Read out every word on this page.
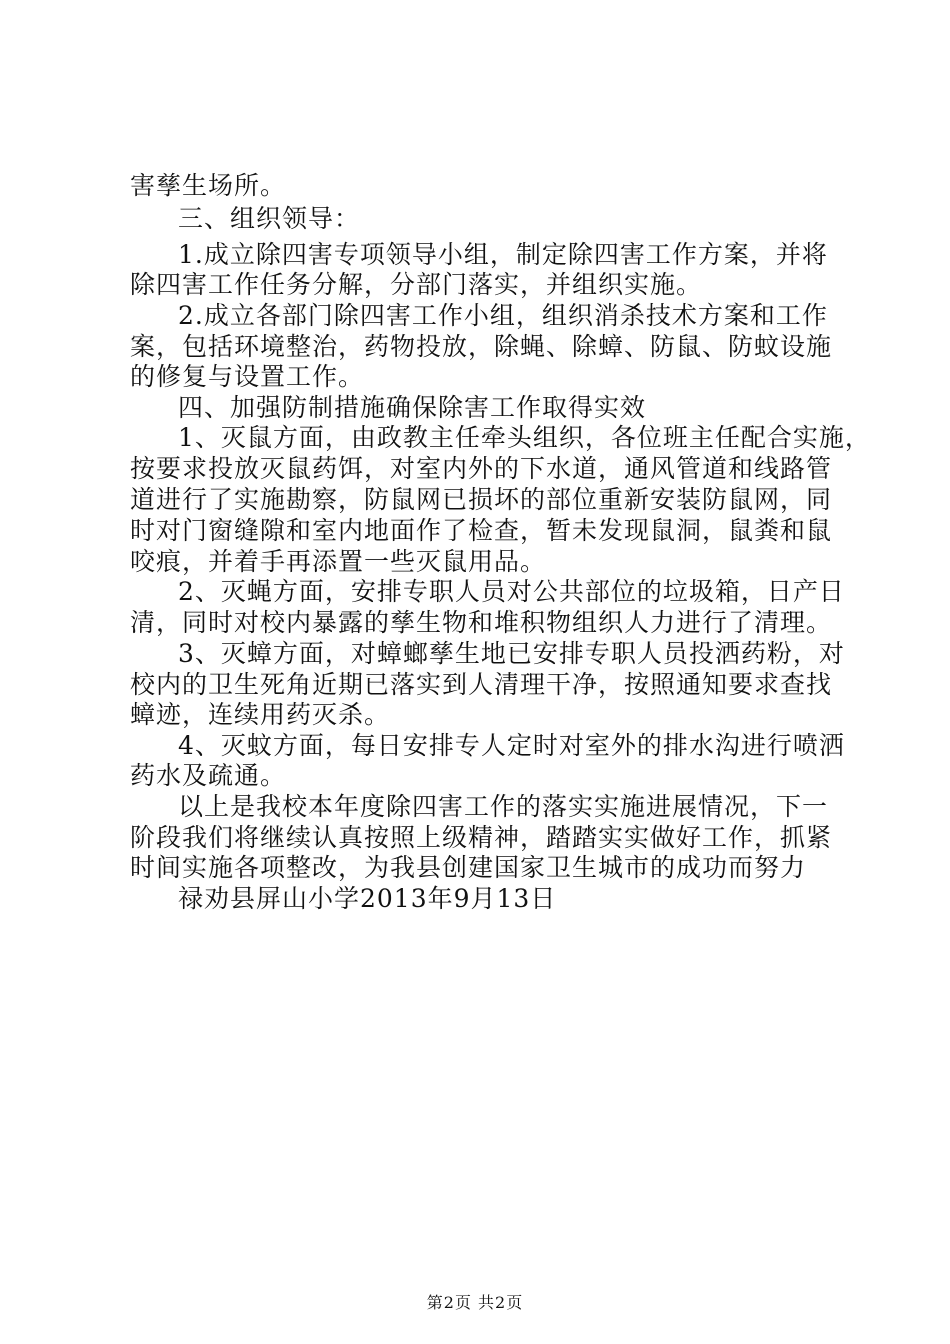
害孳生场所。
三、组织领导：
1.成立除四害专项领导小组，制定除四害工作方案，并将
除四害工作任务分解，分部门落实，并组织实施。
2.成立各部门除四害工作小组，组织消杀技术方案和工作
案，包括环境整治，药物投放，除蝇、除蟑、防鼠、防蚊设施
的修复与设置工作。
四、加强防制措施确保除害工作取得实效
1、灭鼠方面，由政教主任牵头组织，各位班主任配合实施，
按要求投放灭鼠药饵，对室内外的下水道，通风管道和线路管
道进行了实施勘察，防鼠网已损坏的部位重新安装防鼠网，同
时对门窗缝隙和室内地面作了检查，暂未发现鼠洞，鼠粪和鼠
咬痕，并着手再添置一些灭鼠用品。
2、灭蝇方面，安排专职人员对公共部位的垃圾箱，日产日
清，同时对校内暴露的孳生物和堆积物组织人力进行了清理。
3、灭蟑方面，对蟑螂孳生地已安排专职人员投洒药粉，对
校内的卫生死角近期已落实到人清理干净，按照通知要求查找
蟑迹，连续用药灭杀。
4、灭蚊方面，每日安排专人定时对室外的排水沟进行喷洒
药水及疏通。
以上是我校本年度除四害工作的落实实施进展情况，下一
阶段我们将继续认真按照上级精神，踏踏实实做好工作，抓紧
时间实施各项整改，为我县创建国家卫生城市的成功而努力
禄劝县屏山小学2013年9月13日
第2页 共2页
